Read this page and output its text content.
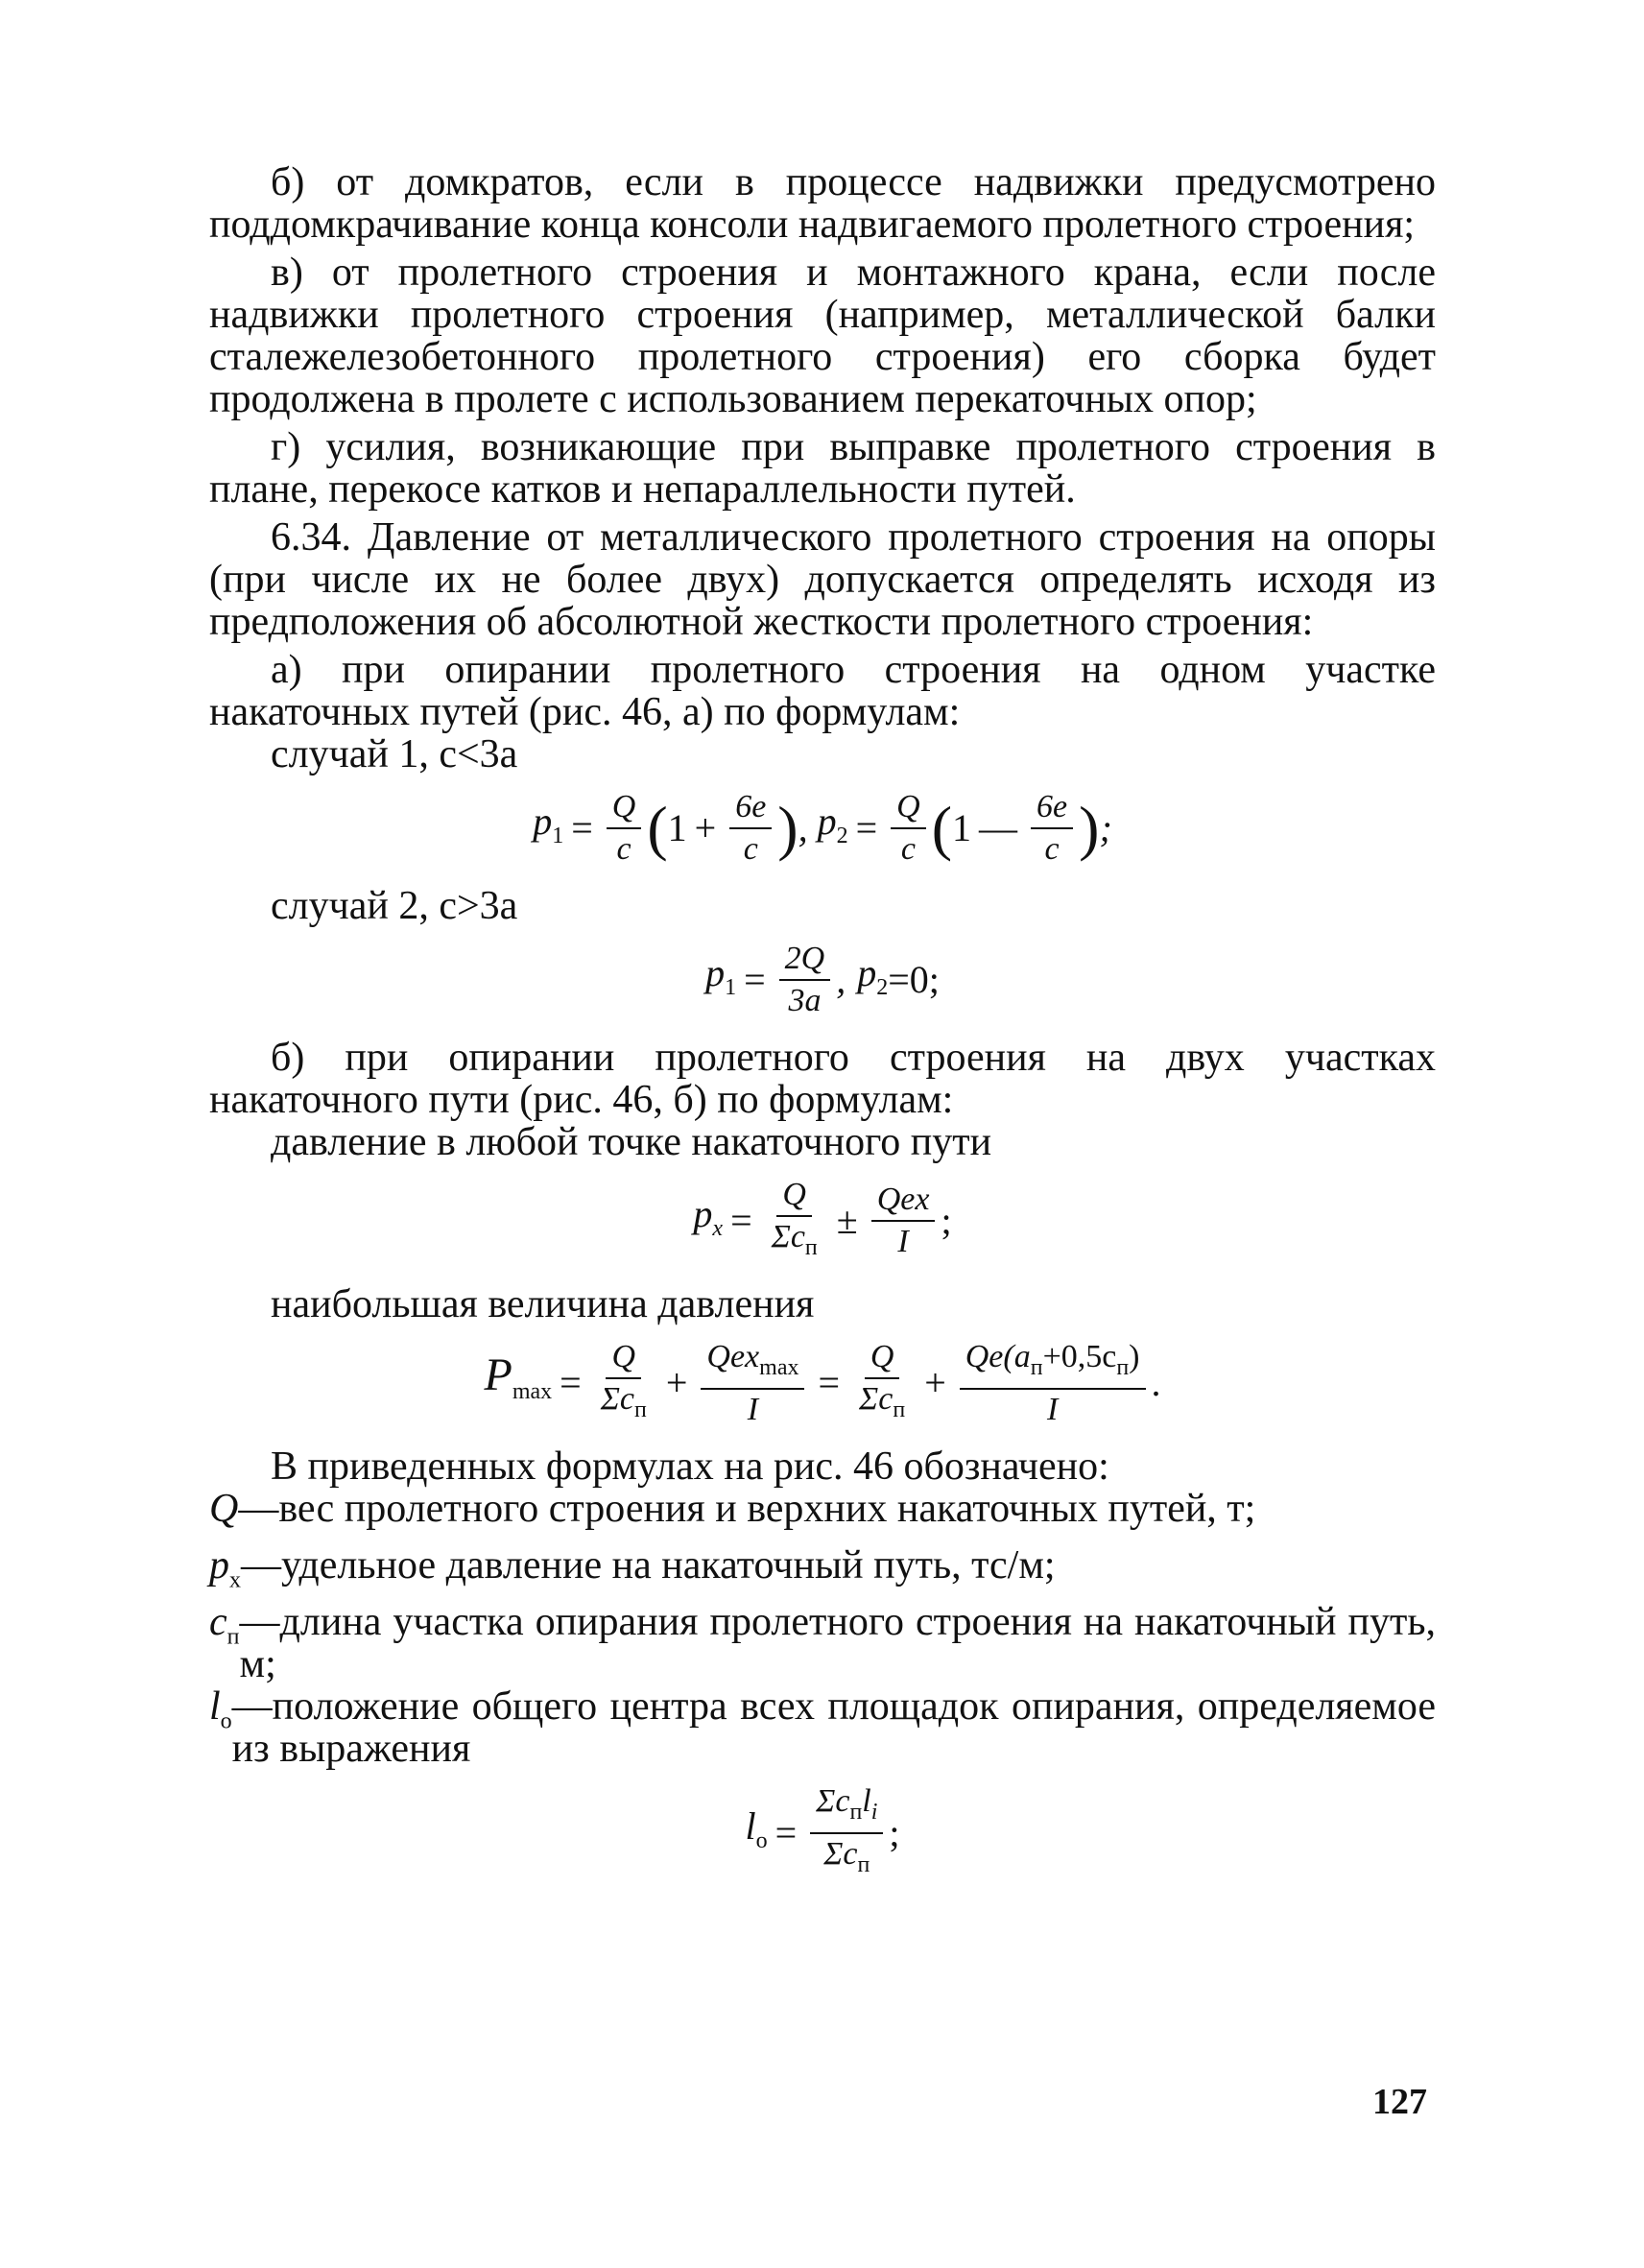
б) от домкратов, если в процессе надвижки предусмотрено поддомкрачивание конца консоли надвигаемого пролетного строения;

в) от пролетного строения и монтажного крана, если после надвижки пролетного строения (например, металлической балки сталежелезобетонного пролетного строения) его сборка будет продолжена в пролете с использованием перекаточных опор;

г) усилия, возникающие при выправке пролетного строения в плане, перекосе катков и непараллельности путей.

6.34. Давление от металлического пролетного строения на опоры (при числе их не более двух) допускается определять исходя из предположения об абсолютной жесткости пролетного строения:

а) при опирании пролетного строения на одном участке накаточных путей (рис. 46, а) по формулам:

случай 1, c<3a

$p_1 = \frac{Q}{c}$ ( $1 + \frac{6e}{c}$ ) , $p_2 = \frac{Q}{c}$ ( 1 — $\frac{6e}{c}$ ) ;

случай 2, c>3a

$p_1 = \frac{2Q}{3a}$ , $p_2 =0$;

б) при опирании пролетного строения на двух участках накаточного пути (рис. 46, б) по формулам:

давление в любой точке накаточного пути

$p_x = \frac{Q}{\Sigma c_п} \pm \frac{\text{Qex}}{I}$ ;

наибольшая величина давления

$P_{max} = \frac{Q}{\Sigma c_п} + \frac{Qex_{max}}{I} = \frac{Q}{\Sigma c_п} + \frac{Qe(a_п+0,5c_п)}{I}$ .

В приведенных формулах на рис. 46 обозначено:

Q —вес пролетного строения и верхних накаточных путей, т;
$p_x$ —удельное давление на накаточный путь, тс/м;
$c_п$ —длина участка опирания пролетного строения на накаточный путь, м;
$l_o$ —положение общего центра всех площадок опирания, определяемое из выражения
$l_o = \frac{\Sigma c_пl_i}{\Sigma c_п}$ ;
127
